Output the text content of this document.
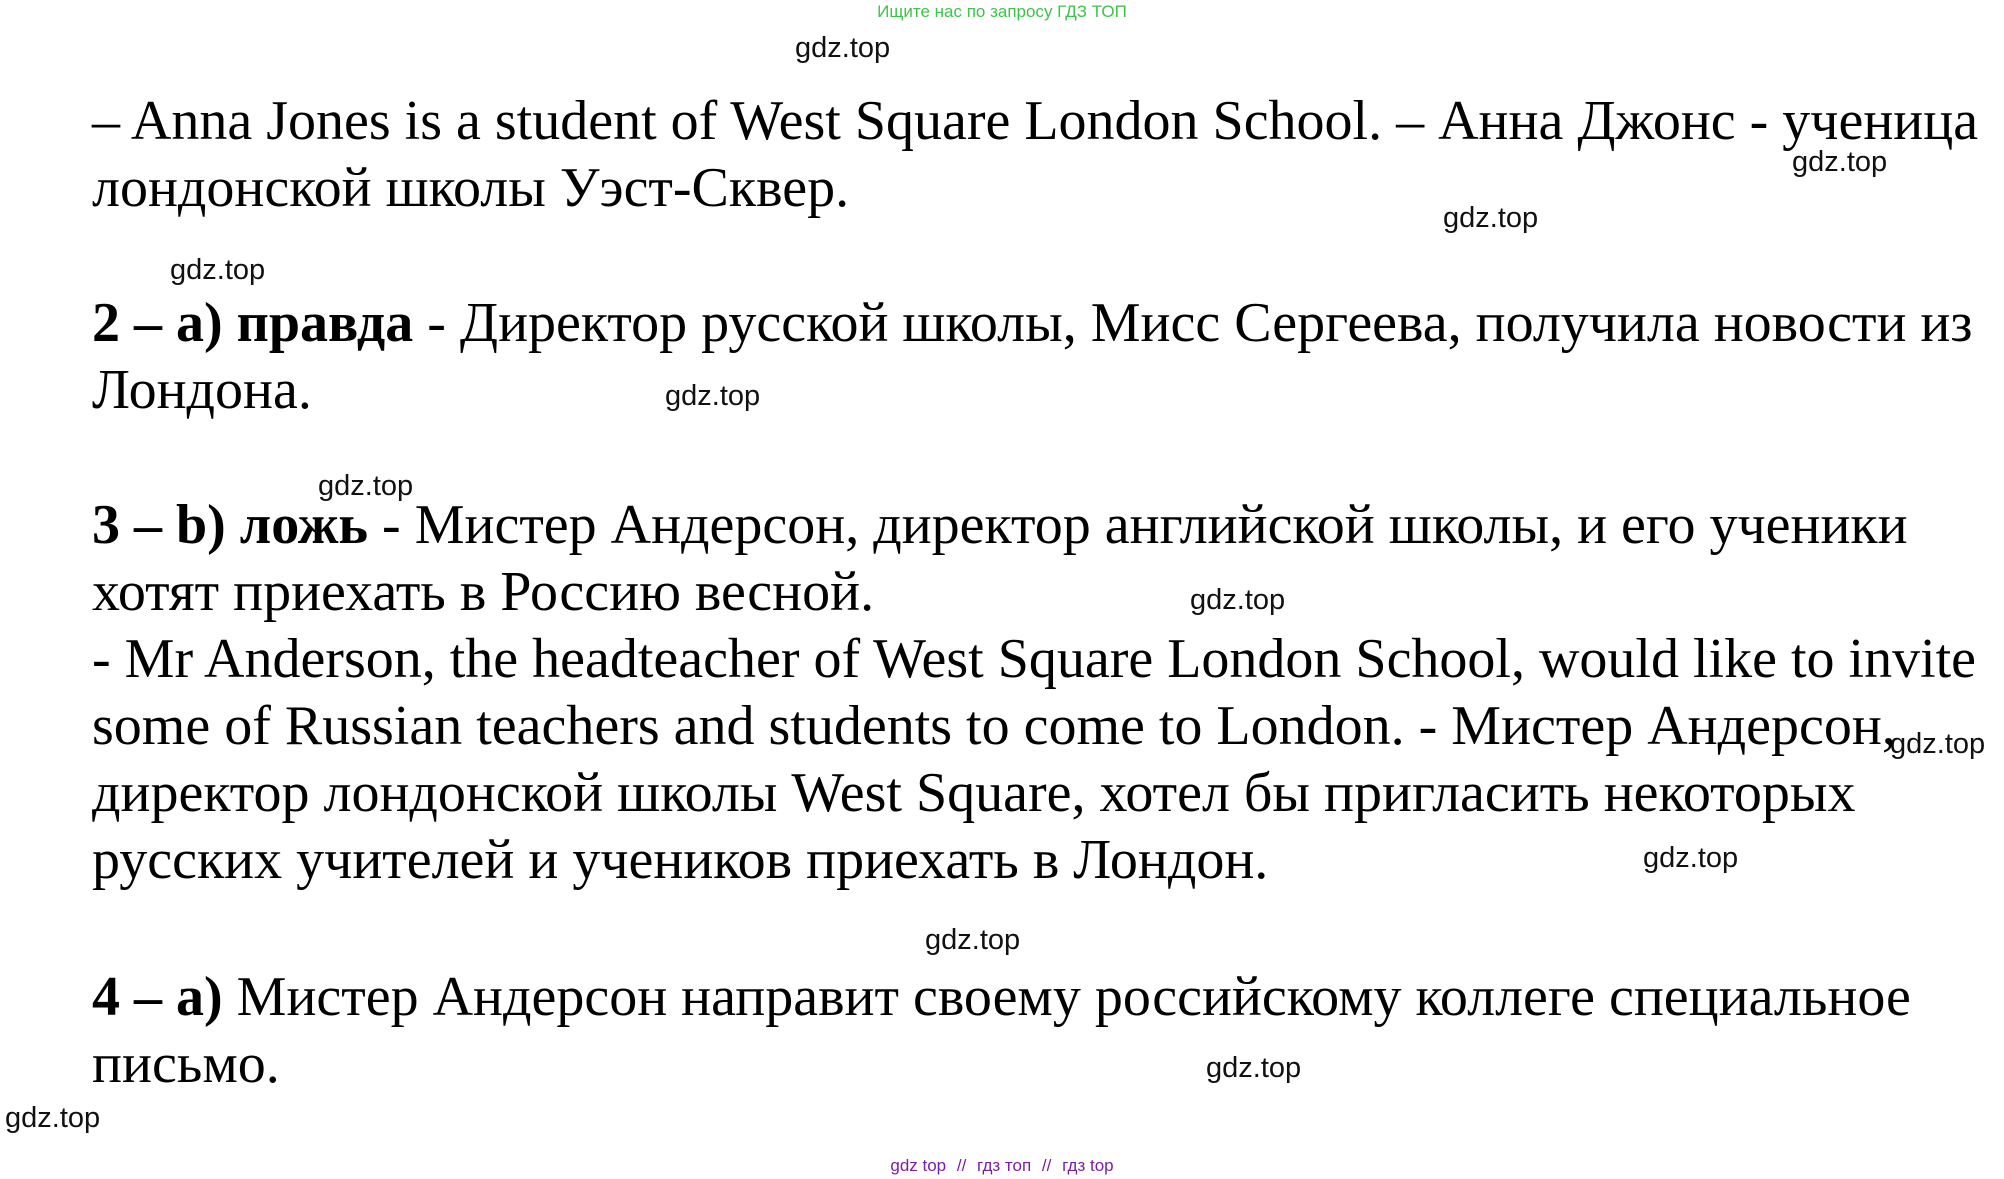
Ищите нас по запросу ГДЗ ТОП
gdz.top
gdz.top
gdz.top
gdz.top
gdz.top
gdz.top
gdz.top
gdz.top
gdz.top
gdz.top
gdz.top
gdz.top

– Anna Jones is a student of West Square London School. – Анна Джонс - ученица лондонской школы Уэст-Сквер.

2 – a) правда - Директор русской школы, Мисс Сергеева, получила новости из Лондона.

3 – b) ложь - Мистер Андерсон, директор английской школы, и его ученики хотят приехать в Россию весной.

- Mr Anderson, the headteacher of West Square London School, would like to invite some of Russian teachers and students to come to London. - Мистер Андерсон, директор лондонской школы West Square, хотел бы пригласить некоторых русских учителей и учеников приехать в Лондон.

4 – a) Мистер Андерсон направит своему российскому коллеге специальное письмо.

gdz top // гдз топ // гдз top
